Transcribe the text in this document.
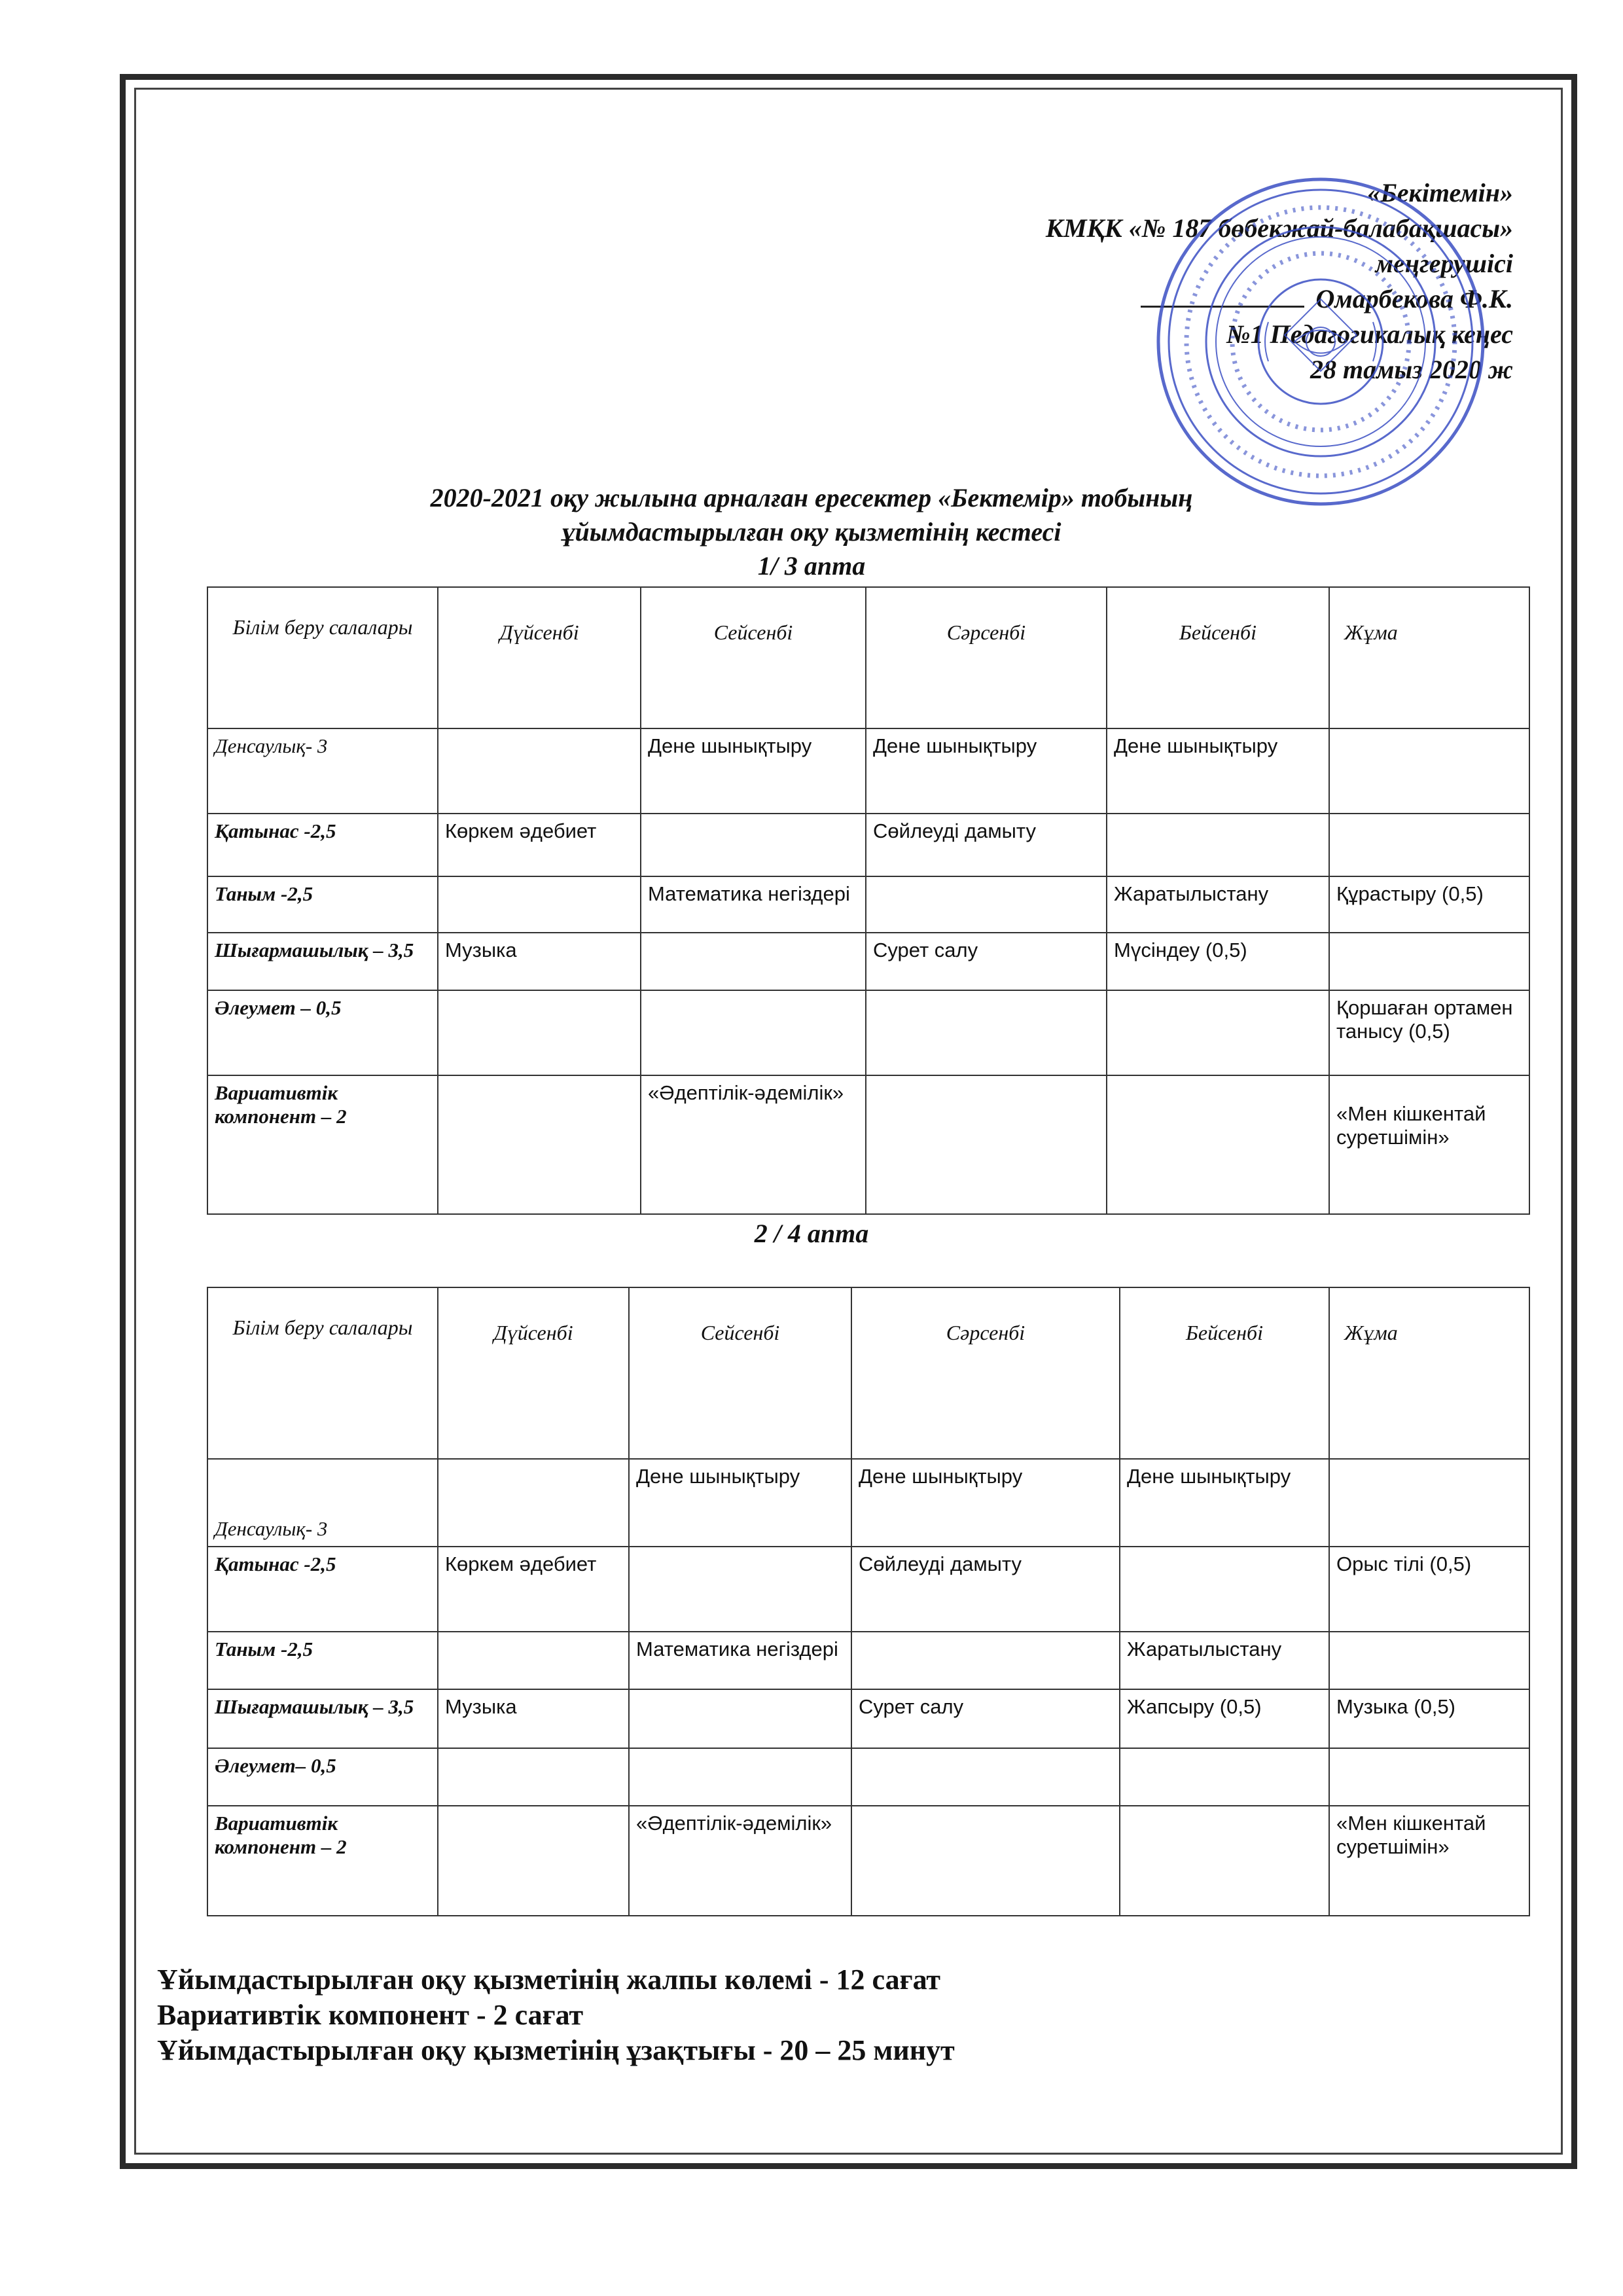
«Бекітемін»
КМҚК «№ 187 бөбекжай-балабақшасы»
меңгерушісі
Омарбекова Ф.К.
№1 Педагогикалық кеңес
28 тамыз 2020 ж
2020-2021 оқу жылына арналған ересектер «Бектемір» тобының
ұйымдастырылған оқу қызметінің кестесі
1/ 3 апта
Білім беру салалары	Дүйсенбі	Сейсенбі	Сәрсенбі	Бейсенбі	Жұма
Денсаулық- 3		Дене шынықтыру	Дене шынықтыру	Дене шынықтыру	
Қатынас -2,5	Көркем әдебиет		Сөйлеуді дамыту		
Таным -2,5		Математика негіздері		Жаратылыстану	Құрастыру (0,5)
Шығармашылық – 3,5	Музыка		Сурет салу	Мүсіндеу (0,5)	
Әлеумет – 0,5					Қоршаған ортамен танысу (0,5)
Вариативтік компонент – 2		«Әдептілік-әдемілік»			«Мен кішкентай суретшімін»
2 / 4 апта
Білім беру салалары	Дүйсенбі	Сейсенбі	Сәрсенбі	Бейсенбі	Жұма
Денсаулық- 3		Дене шынықтыру	Дене шынықтыру	Дене шынықтыру	
Қатынас -2,5	Көркем әдебиет		Сөйлеуді дамыту		Орыс тілі (0,5)
Таным -2,5		Математика негіздері		Жаратылыстану	
Шығармашылық – 3,5	Музыка		Сурет салу	Жапсыру (0,5)	Музыка (0,5)
Әлеумет– 0,5					
Вариативтік компонент – 2		«Әдептілік-әдемілік»			«Мен кішкентай суретшімін»
Ұйымдастырылған оқу қызметінің жалпы көлемі - 12 сағат
Вариативтік компонент - 2 сағат
Ұйымдастырылған оқу қызметінің ұзақтығы - 20 – 25 минут
